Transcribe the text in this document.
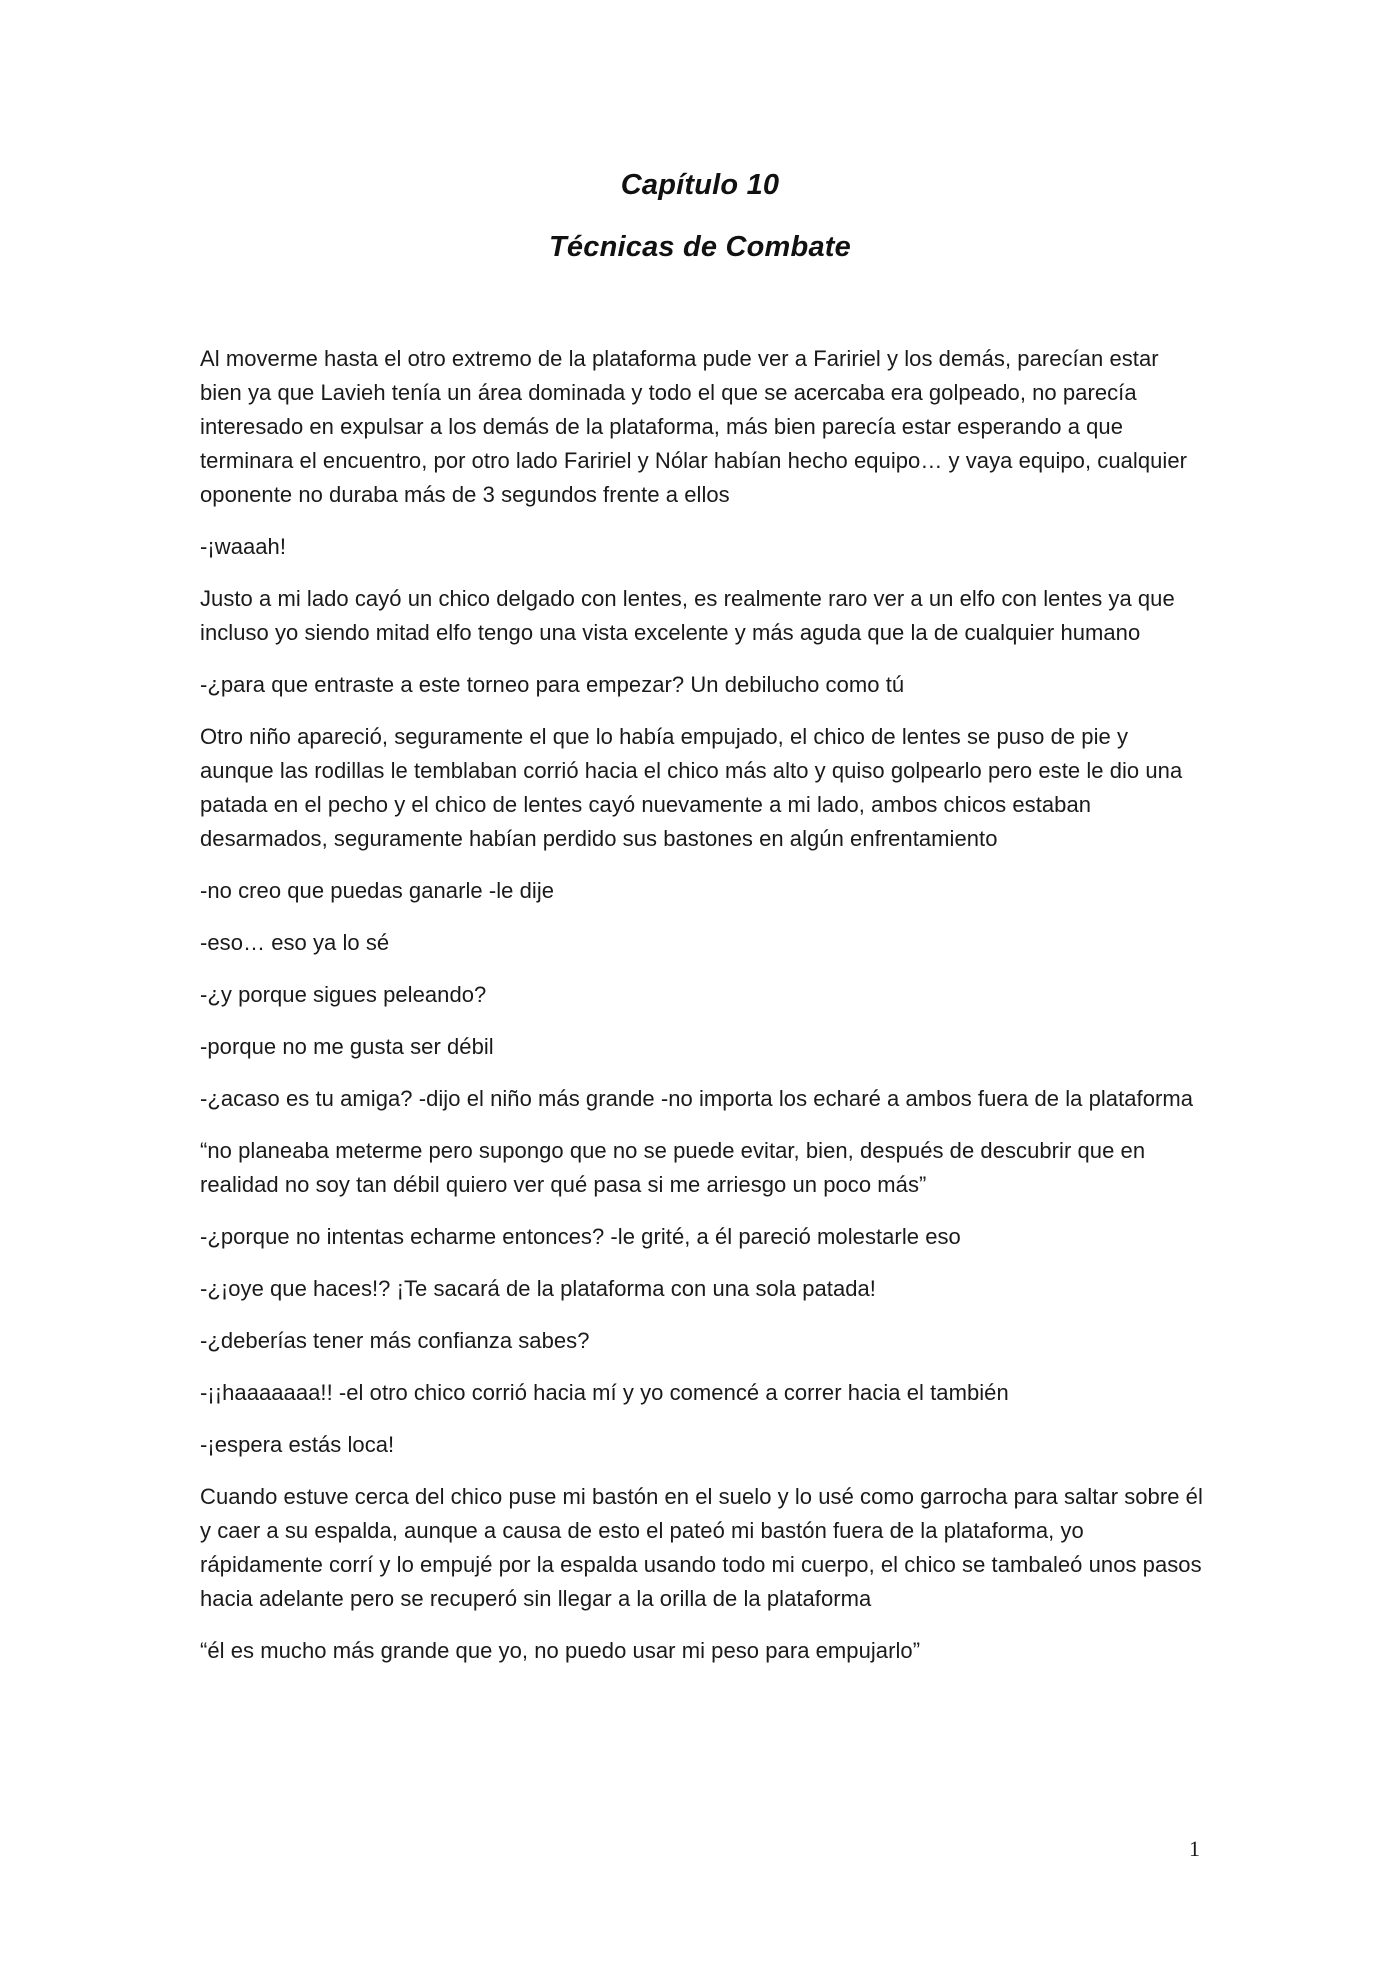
Capítulo 10
Técnicas de Combate

Al moverme hasta el otro extremo de la plataforma pude ver a Faririel y los demás, parecían estar bien ya que Lavieh tenía un área dominada y todo el que se acercaba era golpeado, no parecía interesado en expulsar a los demás de la plataforma, más bien parecía estar esperando a que terminara el encuentro, por otro lado Faririel y Nólar habían hecho equipo… y vaya equipo, cualquier oponente no duraba más de 3 segundos frente a ellos

-¡waaah!

Justo a mi lado cayó un chico delgado con lentes, es realmente raro ver a un elfo con lentes ya que incluso yo siendo mitad elfo tengo una vista excelente y más aguda que la de cualquier humano

-¿para que entraste a este torneo para empezar? Un debilucho como tú

Otro niño apareció, seguramente el que lo había empujado, el chico de lentes se puso de pie y aunque las rodillas le temblaban corrió hacia el chico más alto y quiso golpearlo pero este le dio una patada en el pecho y el chico de lentes cayó nuevamente a mi lado, ambos chicos estaban desarmados, seguramente habían perdido sus bastones en algún enfrentamiento

-no creo que puedas ganarle -le dije

-eso… eso ya lo sé

-¿y porque sigues peleando?

-porque no me gusta ser débil

-¿acaso es tu amiga? -dijo el niño más grande -no importa los echaré a ambos fuera de la plataforma

“no planeaba meterme pero supongo que no se puede evitar, bien, después de descubrir que en realidad no soy tan débil quiero ver qué pasa si me arriesgo un poco más”

-¿porque no intentas echarme entonces? -le grité, a él pareció molestarle eso

-¿¡oye que haces!? ¡Te sacará de la plataforma con una sola patada!

-¿deberías tener más confianza sabes?

-¡¡haaaaaaa!! -el otro chico corrió hacia mí y yo comencé a correr hacia el también

-¡espera estás loca!

Cuando estuve cerca del chico puse mi bastón en el suelo y lo usé como garrocha para saltar sobre él y caer a su espalda, aunque a causa de esto el pateó mi bastón fuera de la plataforma, yo rápidamente corrí y lo empujé por la espalda usando todo mi cuerpo, el chico se tambaleó unos pasos hacia adelante pero se recuperó sin llegar a la orilla de la plataforma

“él es mucho más grande que yo, no puedo usar mi peso para empujarlo”

1
